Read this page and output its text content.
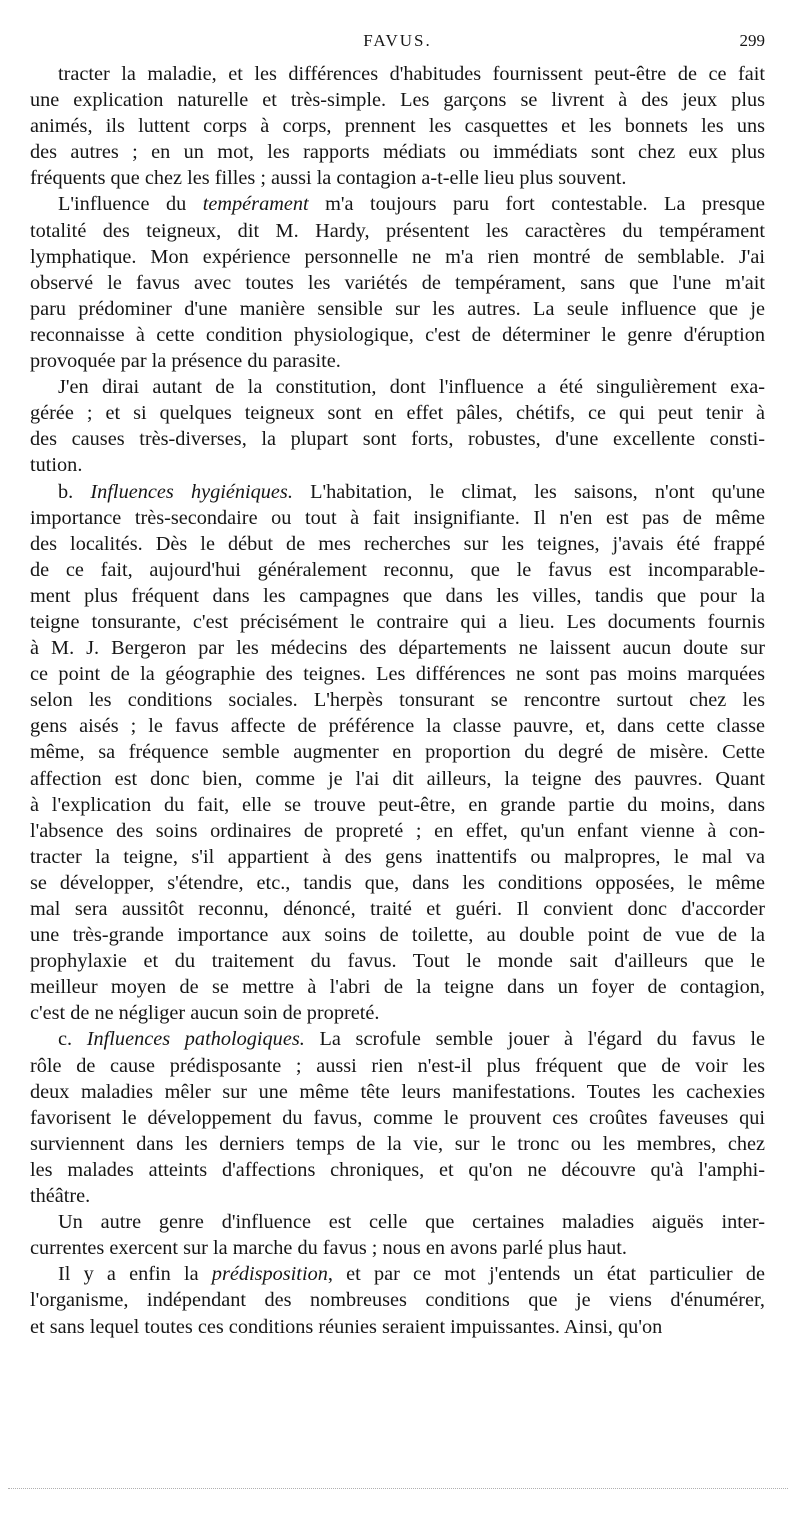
FAVUS.	299
tracter la maladie, et les différences d'habitudes fournissent peut-être de ce fait
une explication naturelle et très-simple. Les garçons se livrent à des jeux plus
animés, ils luttent corps à corps, prennent les casquettes et les bonnets les uns
des autres ; en un mot, les rapports médiats ou immédiats sont chez eux plus
fréquents que chez les filles ; aussi la contagion a-t-elle lieu plus souvent.
L'influence du tempérament m'a toujours paru fort contestable. La presque
totalité des teigneux, dit M. Hardy, présentent les caractères du tempérament
lymphatique. Mon expérience personnelle ne m'a rien montré de semblable. J'ai
observé le favus avec toutes les variétés de tempérament, sans que l'une m'ait
paru prédominer d'une manière sensible sur les autres. La seule influence que je
reconnaisse à cette condition physiologique, c'est de déterminer le genre d'éruption
provoquée par la présence du parasite.
J'en dirai autant de la constitution, dont l'influence a été singulièrement exa-
gérée ; et si quelques teigneux sont en effet pâles, chétifs, ce qui peut tenir à
des causes très-diverses, la plupart sont forts, robustes, d'une excellente consti-
tution.
b. Influences hygiéniques. L'habitation, le climat, les saisons, n'ont qu'une
importance très-secondaire ou tout à fait insignifiante. Il n'en est pas de même
des localités. Dès le début de mes recherches sur les teignes, j'avais été frappé
de ce fait, aujourd'hui généralement reconnu, que le favus est incomparable-
ment plus fréquent dans les campagnes que dans les villes, tandis que pour la
teigne tonsurante, c'est précisément le contraire qui a lieu. Les documents fournis
à M. J. Bergeron par les médecins des départements ne laissent aucun doute sur
ce point de la géographie des teignes. Les différences ne sont pas moins marquées
selon les conditions sociales. L'herpès tonsurant se rencontre surtout chez les
gens aisés ; le favus affecte de préférence la classe pauvre, et, dans cette classe
même, sa fréquence semble augmenter en proportion du degré de misère. Cette
affection est donc bien, comme je l'ai dit ailleurs, la teigne des pauvres. Quant
à l'explication du fait, elle se trouve peut-être, en grande partie du moins, dans
l'absence des soins ordinaires de propreté ; en effet, qu'un enfant vienne à con-
tracter la teigne, s'il appartient à des gens inattentifs ou malpropres, le mal va
se développer, s'étendre, etc., tandis que, dans les conditions opposées, le même
mal sera aussitôt reconnu, dénoncé, traité et guéri. Il convient donc d'accorder
une très-grande importance aux soins de toilette, au double point de vue de la
prophylaxie et du traitement du favus. Tout le monde sait d'ailleurs que le
meilleur moyen de se mettre à l'abri de la teigne dans un foyer de contagion,
c'est de ne négliger aucun soin de propreté.
c. Influences pathologiques. La scrofule semble jouer à l'égard du favus le
rôle de cause prédisposante ; aussi rien n'est-il plus fréquent que de voir les
deux maladies mêler sur une même tête leurs manifestations. Toutes les cachexies
favorisent le développement du favus, comme le prouvent ces croûtes faveuses qui
surviennent dans les derniers temps de la vie, sur le tronc ou les membres, chez
les malades atteints d'affections chroniques, et qu'on ne découvre qu'à l'amphi-
théâtre.
Un autre genre d'influence est celle que certaines maladies aiguës inter-
currentes exercent sur la marche du favus ; nous en avons parlé plus haut.
Il y a enfin la prédisposition, et par ce mot j'entends un état particulier de
l'organisme, indépendant des nombreuses conditions que je viens d'énumérer,
et sans lequel toutes ces conditions réunies seraient impuissantes. Ainsi, qu'on
